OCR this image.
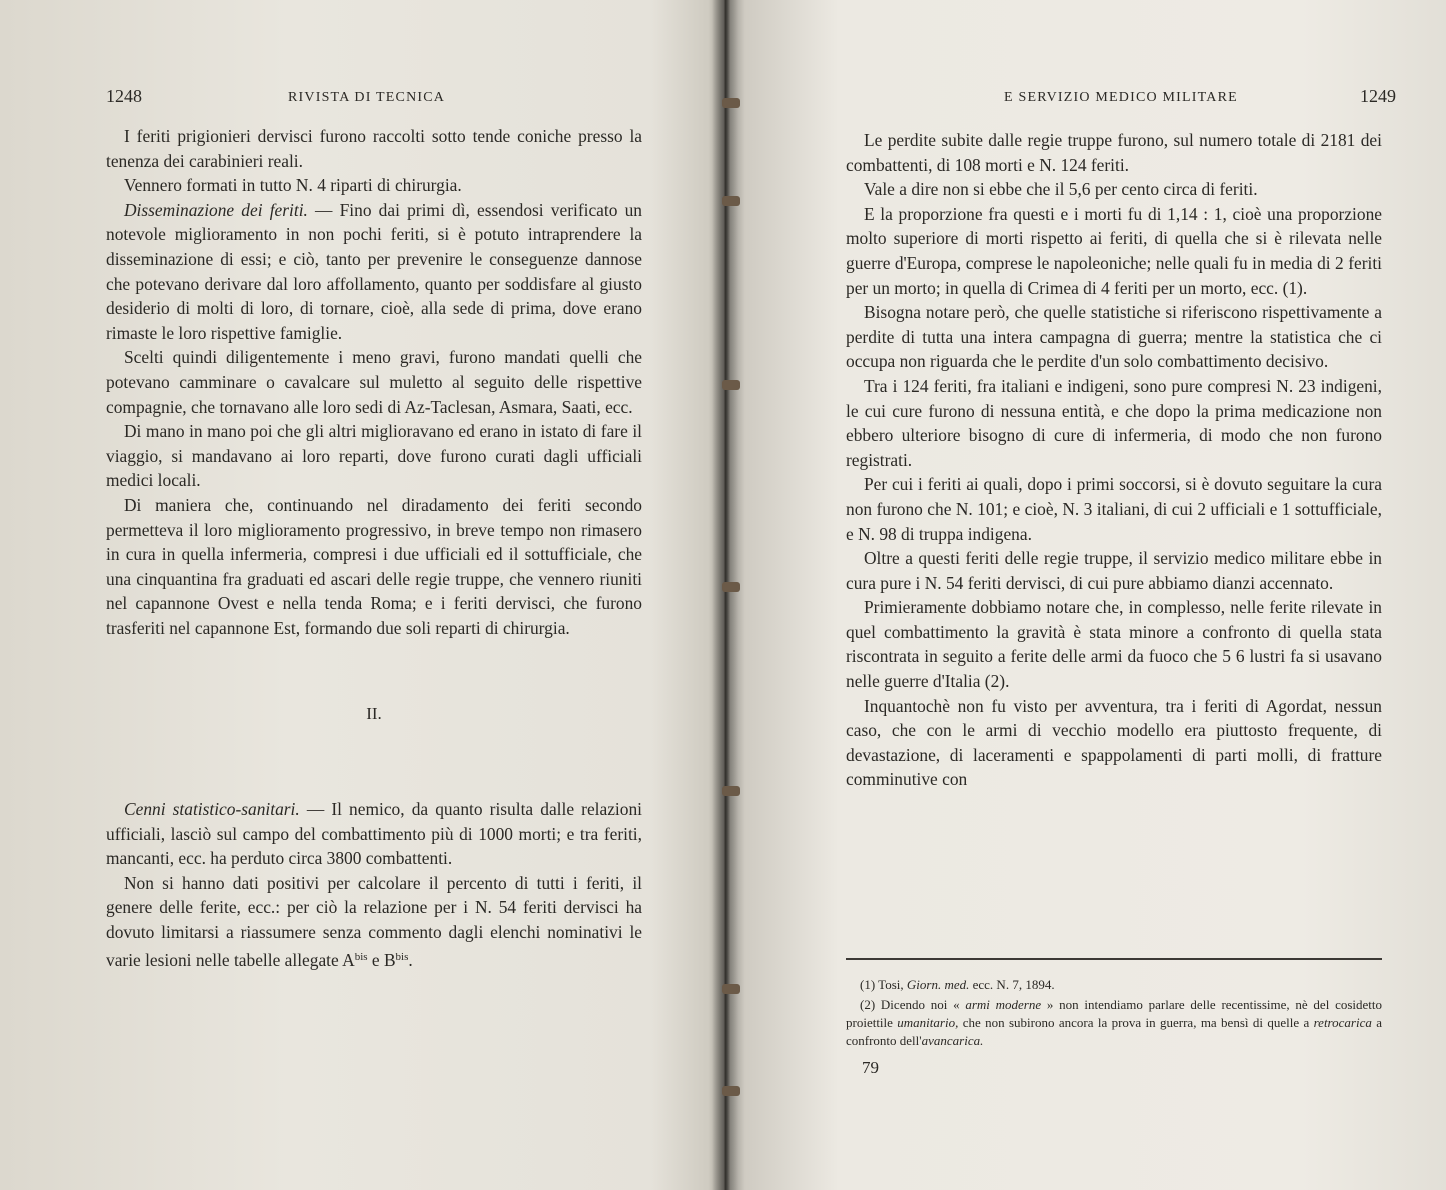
1248	RIVISTA DI TECNICA

I feriti prigionieri dervisci furono raccolti sotto tende coniche presso la tenenza dei carabinieri reali.

Vennero formati in tutto N. 4 riparti di chirurgia.

Disseminazione dei feriti. — Fino dai primi dì, essendosi verificato un notevole miglioramento in non pochi feriti, si è potuto intraprendere la disseminazione di essi; e ciò, tanto per prevenire le conseguenze dannose che potevano derivare dal loro affollamento, quanto per soddisfare al giusto desiderio di molti di loro, di tornare, cioè, alla sede di prima, dove erano rimaste le loro rispettive famiglie.

Scelti quindi diligentemente i meno gravi, furono mandati quelli che potevano camminare o cavalcare sul muletto al seguito delle rispettive compagnie, che tornavano alle loro sedi di Az-Taclesan, Asmara, Saati, ecc.

Di mano in mano poi che gli altri miglioravano ed erano in istato di fare il viaggio, si mandavano ai loro reparti, dove furono curati dagli ufficiali medici locali.

Di maniera che, continuando nel diradamento dei feriti secondo permetteva il loro miglioramento progressivo, in breve tempo non rimasero in cura in quella infermeria, compresi i due ufficiali ed il sottufficiale, che una cinquantina fra graduati ed ascari delle regie truppe, che vennero riuniti nel capannone Ovest e nella tenda Roma; e i feriti dervisci, che furono trasferiti nel capannone Est, formando due soli reparti di chirurgia.

II.

Cenni statistico-sanitari. — Il nemico, da quanto risulta dalle relazioni ufficiali, lasciò sul campo del combattimento più di 1000 morti; e tra feriti, mancanti, ecc. ha perduto circa 3800 combattenti.

Non si hanno dati positivi per calcolare il percento di tutti i feriti, il genere delle ferite, ecc.: per ciò la relazione per i N. 54 feriti dervisci ha dovuto limitarsi a riassumere senza commento dagli elenchi nominativi le varie lesioni nelle tabelle allegate $A^{bis}$ e $B^{bis}$.

E SERVIZIO MEDICO MILITARE	1249

Le perdite subite dalle regie truppe furono, sul numero totale di 2181 dei combattenti, di 108 morti e N. 124 feriti.

Vale a dire non si ebbe che il 5,6 per cento circa di feriti.

E la proporzione fra questi e i morti fu di 1,14 : 1, cioè una proporzione molto superiore di morti rispetto ai feriti, di quella che si è rilevata nelle guerre d'Europa, comprese le napoleoniche; nelle quali fu in media di 2 feriti per un morto; in quella di Crimea di 4 feriti per un morto, ecc. (1).

Bisogna notare però, che quelle statistiche si riferiscono rispettivamente a perdite di tutta una intera campagna di guerra; mentre la statistica che ci occupa non riguarda che le perdite d'un solo combattimento decisivo.

Tra i 124 feriti, fra italiani e indigeni, sono pure compresi N. 23 indigeni, le cui cure furono di nessuna entità, e che dopo la prima medicazione non ebbero ulteriore bisogno di cure di infermeria, di modo che non furono registrati.

Per cui i feriti ai quali, dopo i primi soccorsi, si è dovuto seguitare la cura non furono che N. 101; e cioè, N. 3 italiani, di cui 2 ufficiali e 1 sottufficiale, e N. 98 di truppa indigena.

Oltre a questi feriti delle regie truppe, il servizio medico militare ebbe in cura pure i N. 54 feriti dervisci, di cui pure abbiamo dianzi accennato.

Primieramente dobbiamo notare che, in complesso, nelle ferite rilevate in quel combattimento la gravità è stata minore a confronto di quella stata riscontrata in seguito a ferite delle armi da fuoco che 5 6 lustri fa si usavano nelle guerre d'Italia (2).

Inquantochè non fu visto per avventura, tra i feriti di Agordat, nessun caso, che con le armi di vecchio modello era piuttosto frequente, di devastazione, di laceramenti e spappolamenti di parti molli, di fratture comminutive con

(1) Tosi, Giorn. med. ecc. N. 7, 1894.

(2) Dicendo noi « armi moderne » non intendiamo parlare delle recentissime, nè del cosidetto proiettile umanitario, che non subirono ancora la prova in guerra, ma bensì di quelle a retrocarica a confronto dell'avancarica.

79
